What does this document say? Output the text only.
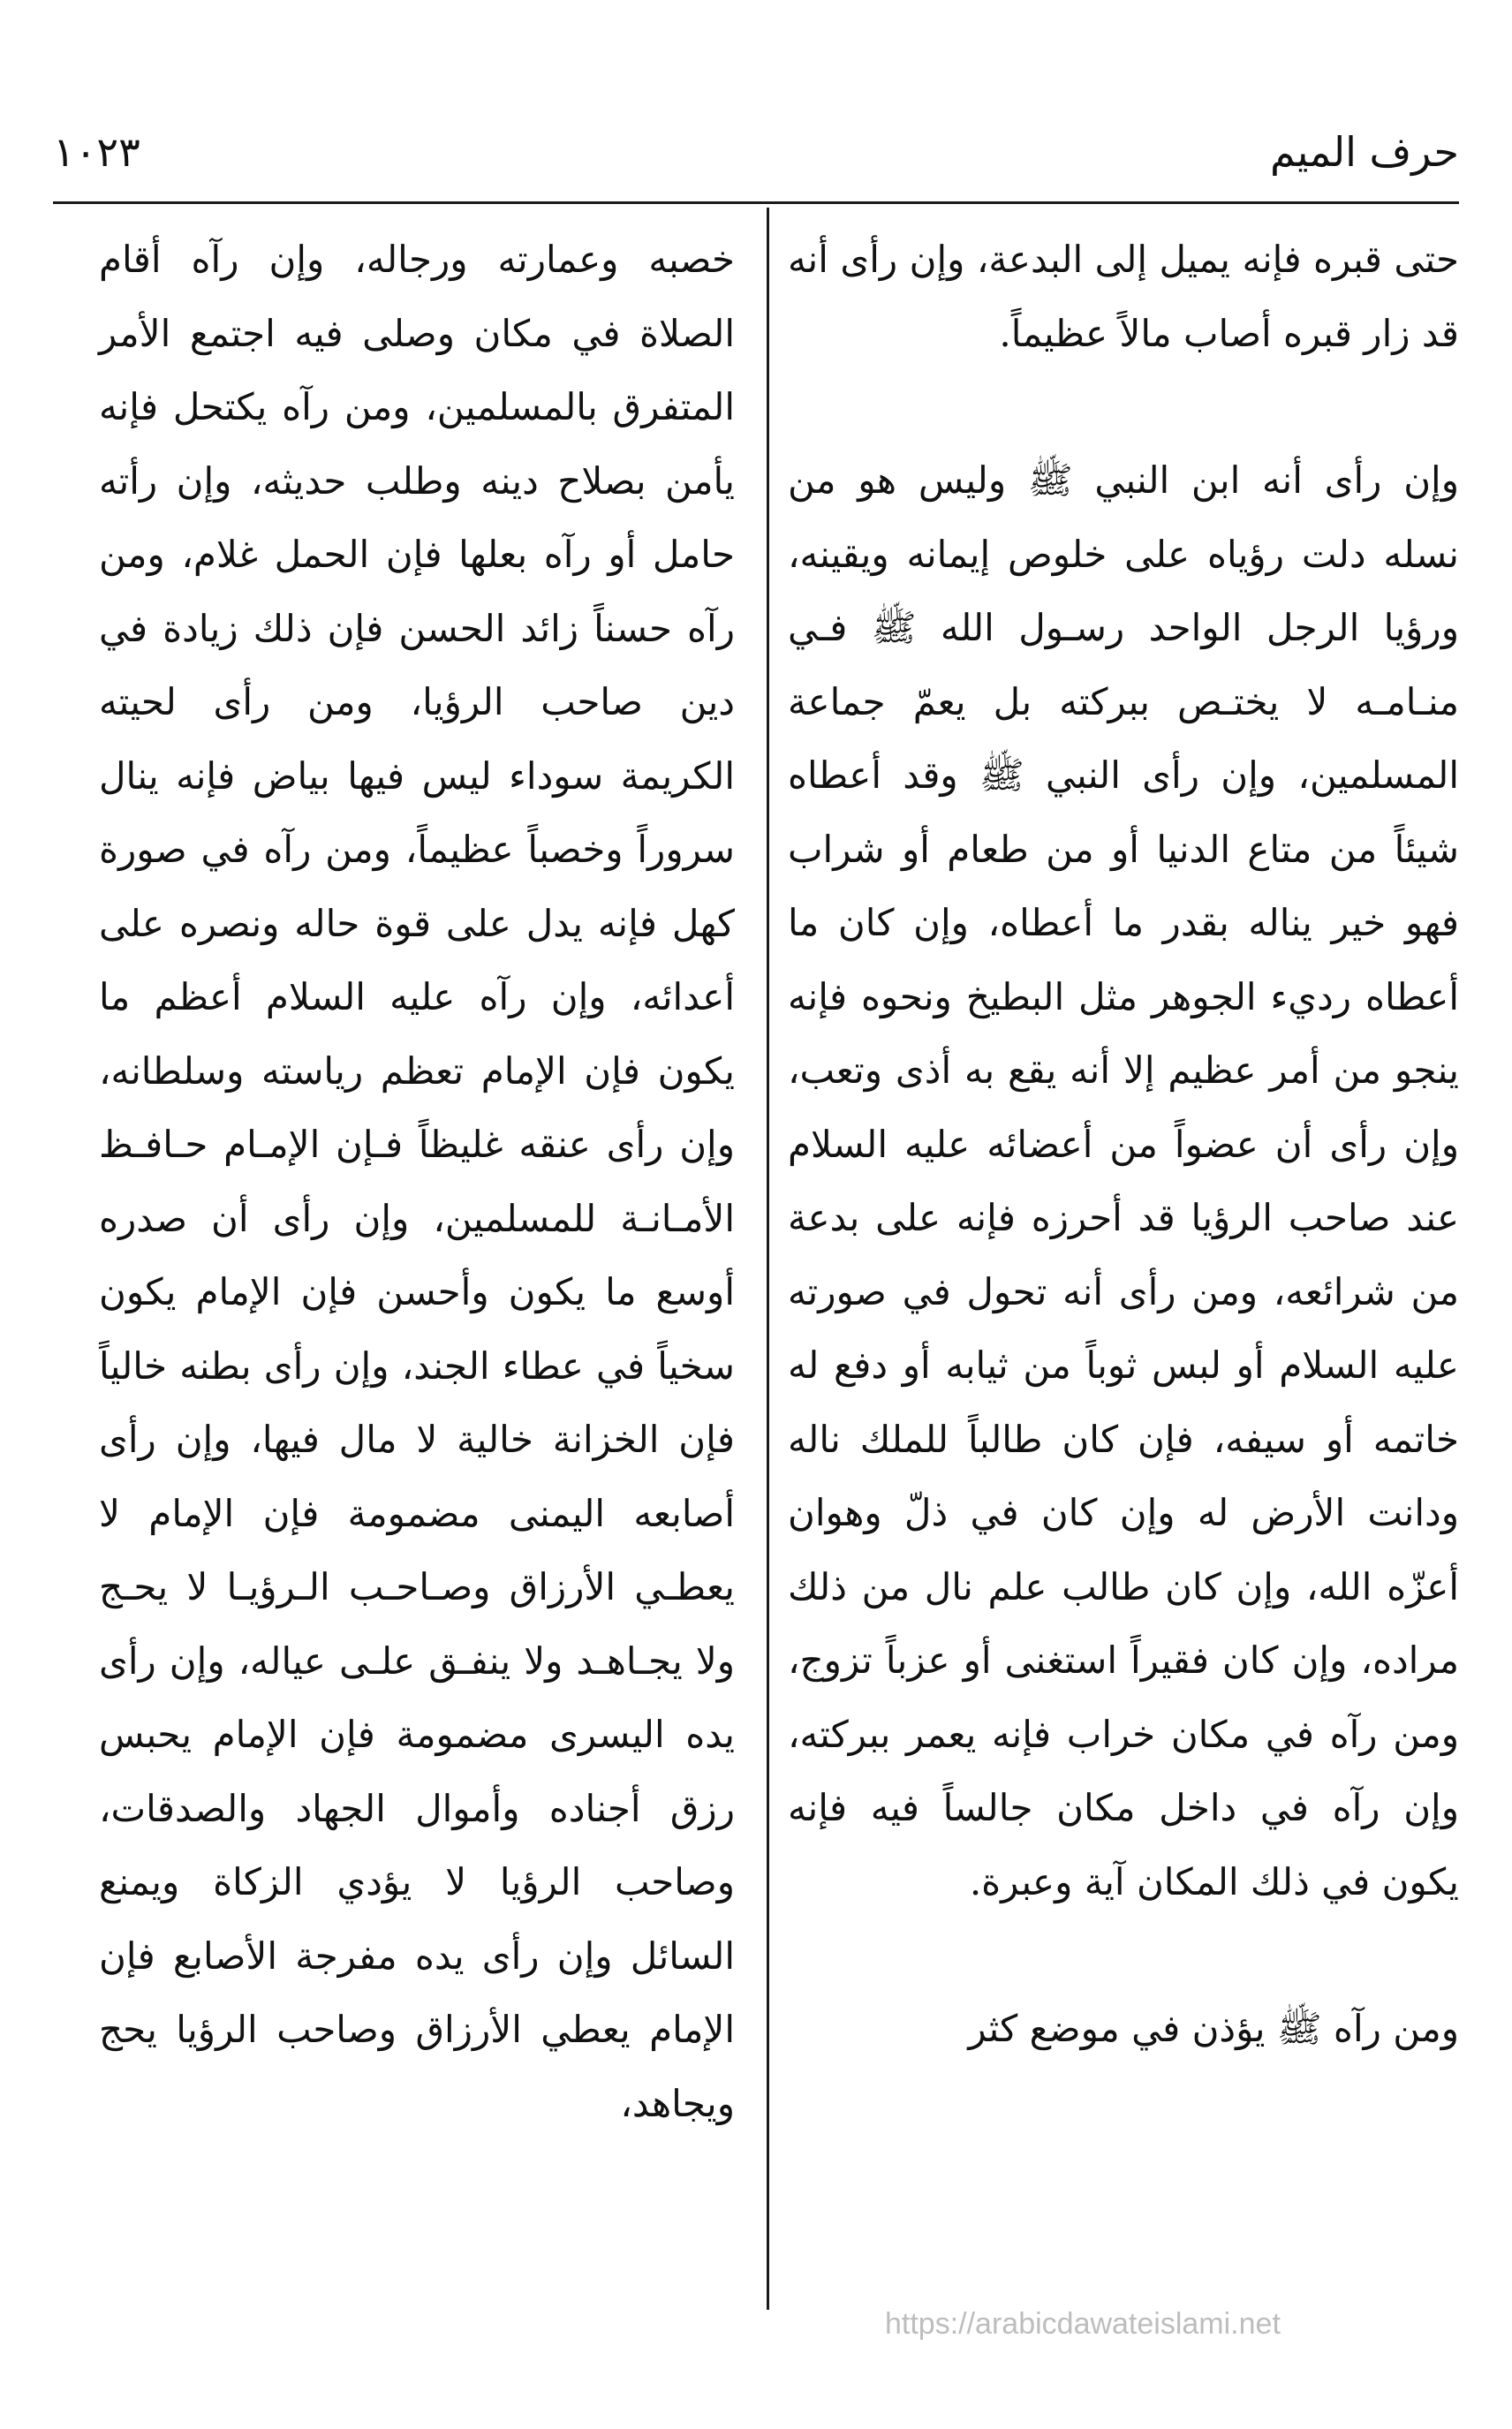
حرف الميم
١٠٢٣

حتى قبره فإنه يميل إلى البدعة، وإن رأى أنه قد زار قبره أصاب مالاً عظيماً.

وإن رأى أنه ابن النبي ﷺ وليس هو من نسله دلت رؤياه على خلوص إيمانه ويقينه، ورؤيا الرجل الواحد رسـول الله ﷺ فـي منـامـه لا يختـص ببركته بل يعمّ جماعة المسلمين، وإن رأى النبي ﷺ وقد أعطاه شيئاً من متاع الدنيا أو من طعام أو شراب فهو خير يناله بقدر ما أعطاه، وإن كان ما أعطاه رديء الجوهر مثل البطيخ ونحوه فإنه ينجو من أمر عظيم إلا أنه يقع به أذى وتعب، وإن رأى أن عضواً من أعضائه عليه السلام عند صاحب الرؤيا قد أحرزه فإنه على بدعة من شرائعه، ومن رأى أنه تحول في صورته عليه السلام أو لبس ثوباً من ثيابه أو دفع له خاتمه أو سيفه، فإن كان طالباً للملك ناله ودانت الأرض له وإن كان في ذلّ وهوان أعزّه الله، وإن كان طالب علم نال من ذلك مراده، وإن كان فقيراً استغنى أو عزباً تزوج، ومن رآه في مكان خراب فإنه يعمر ببركته، وإن رآه في داخل مكان جالساً فيه فإنه يكون في ذلك المكان آية وعبرة.

ومن رآه ﷺ يؤذن في موضع كثر

خصبه وعمارته ورجاله، وإن رآه أقام الصلاة في مكان وصلى فيه اجتمع الأمر المتفرق بالمسلمين، ومن رآه يكتحل فإنه يأمن بصلاح دينه وطلب حديثه، وإن رأته حامل أو رآه بعلها فإن الحمل غلام، ومن رآه حسناً زائد الحسن فإن ذلك زيادة في دين صاحب الرؤيا، ومن رأى لحيته الكريمة سوداء ليس فيها بياض فإنه ينال سروراً وخصباً عظيماً، ومن رآه في صورة كهل فإنه يدل على قوة حاله ونصره على أعدائه، وإن رآه عليه السلام أعظم ما يكون فإن الإمام تعظم رياسته وسلطانه، وإن رأى عنقه غليظاً فـإن الإمـام حـافـظ الأمـانـة للمسلمين، وإن رأى أن صدره أوسع ما يكون وأحسن فإن الإمام يكون سخياً في عطاء الجند، وإن رأى بطنه خالياً فإن الخزانة خالية لا مال فيها، وإن رأى أصابعه اليمنى مضمومة فإن الإمام لا يعطـي الأرزاق وصـاحـب الـرؤيـا لا يحـج ولا يجـاهـد ولا ينفـق علـى عياله، وإن رأى يده اليسرى مضمومة فإن الإمام يحبس رزق أجناده وأموال الجهاد والصدقات، وصاحب الرؤيا لا يؤدي الزكاة ويمنع السائل وإن رأى يده مفرجة الأصابع فإن الإمام يعطي الأرزاق وصاحب الرؤيا يحج ويجاهد،

https://arabicdawateislami.net
